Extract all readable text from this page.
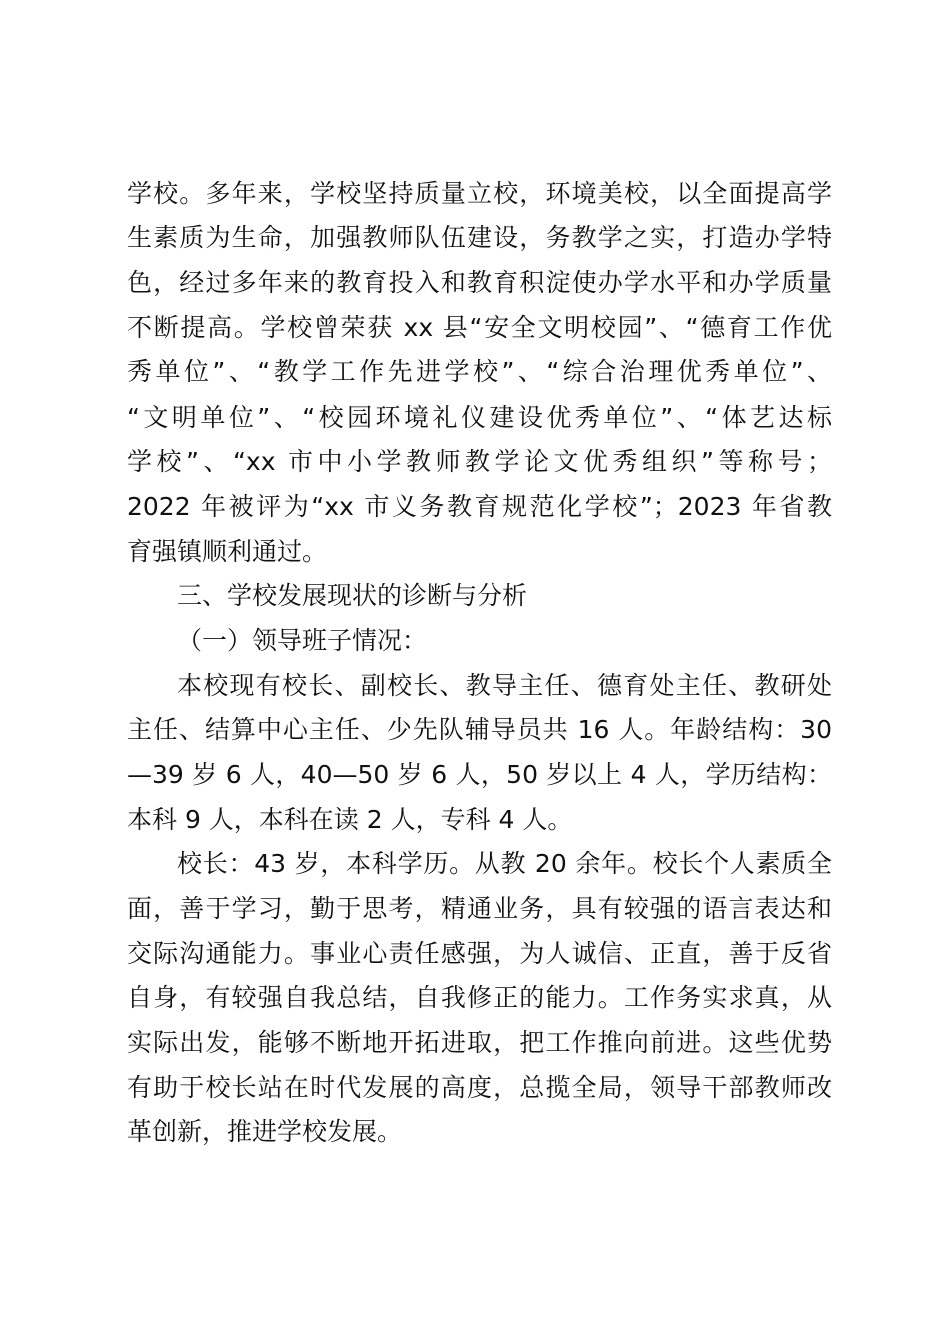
学校。多年来，学校坚持质量立校，环境美校，以全面提高学
生素质为生命，加强教师队伍建设，务教学之实，打造办学特
色，经过多年来的教育投入和教育积淀使办学水平和办学质量
不断提高。学校曾荣获 xx 县“安全文明校园”、“德育工作优
秀单位”、“教学工作先进学校”、“综合治理优秀单位”、
“文明单位”、“校园环境礼仪建设优秀单位”、“体艺达标
学校”、“xx 市中小学教师教学论文优秀组织”等称号；
2022 年被评为“xx 市义务教育规范化学校”；2023 年省教
育强镇顺利通过。
三、学校发展现状的诊断与分析
（一）领导班子情况：
本校现有校长、副校长、教导主任、德育处主任、教研处
主任、结算中心主任、少先队辅导员共 16 人。年龄结构：30
—39 岁 6 人，40—50 岁 6 人，50 岁以上 4 人，学历结构：
本科 9 人，本科在读 2 人，专科 4 人。
校长：43 岁，本科学历。从教 20 余年。校长个人素质全
面，善于学习，勤于思考，精通业务，具有较强的语言表达和
交际沟通能力。事业心责任感强，为人诚信、正直，善于反省
自身，有较强自我总结，自我修正的能力。工作务实求真，从
实际出发，能够不断地开拓进取，把工作推向前进。这些优势
有助于校长站在时代发展的高度，总揽全局，领导干部教师改
革创新，推进学校发展。
